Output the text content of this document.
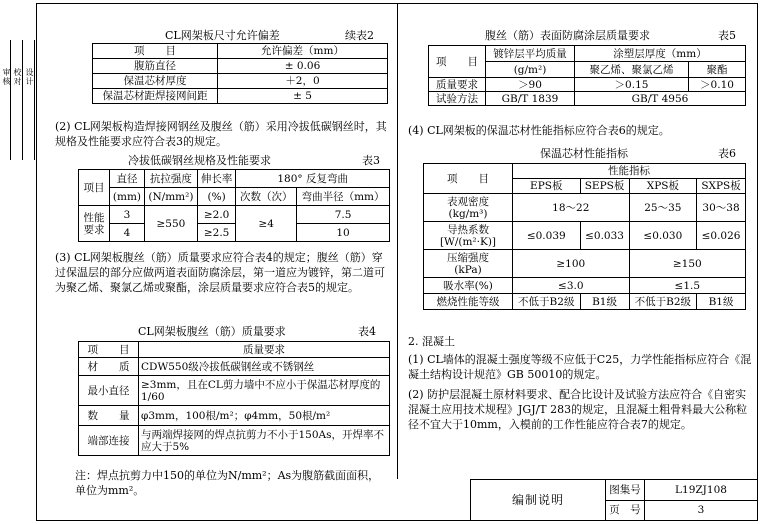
审核 校对 设计
CL网架板尺寸允许偏差	续表2
项　　目	允许偏差（mm）
腹筋直径	± 0.06
保温芯材厚度	＋2，0
保温芯材距焊接网间距	± 5
(2) CL网架板构造焊接网钢丝及腹丝（筋）采用冷拔低碳钢丝时，其规格及性能要求应符合表3的规定。
冷拔低碳钢丝规格及性能要求	表3
项目	直径	抗拉强度	伸长率	180° 反复弯曲	
	(mm)	(N/mm²)	(%)	次数（次）	弯曲半径（mm）
性能要求	3	≥550	≥2.0	≥4	7.5
	4		≥2.5		10
(3) CL网架板腹丝（筋）质量要求应符合表4的规定；腹丝（筋）穿过保温层的部分应做两道表面防腐涂层，第一道应为镀锌，第二道可为聚乙烯、聚氯乙烯或聚酯，涂层质量要求应符合表5的规定。
CL网架板腹丝（筋）质量要求	表4
项　　目	质量要求
材　　质	CDW550级冷拔低碳钢丝或不锈钢丝
最小直径	≥3mm，且在CL剪力墙中不应小于保温芯材厚度的1/60
数　　量	φ3mm，100根/m²；φ4mm，50根/m²
端部连接	与两端焊接网的焊点抗剪力不小于150As，开焊率不应大于5%
注：焊点抗剪力中150的单位为N/mm²；As为腹筋截面面积，单位为mm²。
腹丝（筋）表面防腐涂层质量要求	表5
项　　目	镀锌层平均质量	涂塑层厚度（mm）	
	(g/m²)	聚乙烯、聚氯乙烯	聚酯
质量要求	＞90	＞0.15	＞0.10
试验方法	GB/T 1839	GB/T 4956	
(4) CL网架板的保温芯材性能指标应符合表6的规定。
保温芯材性能指标	表6
项　　目	性能指标			
	EPS板	SEPS板	XPS板	SXPS板
表观密度
(kg/m³)	18～22		25～35	30～38
导热系数
[W/(m²·K)]	≤0.039	≤0.033	≤0.030	≤0.026
压缩强度
(kPa)	≥100		≥150	
吸水率(%)	≤3.0		≤1.5	
燃烧性能等级	不低于B2级	B1级	不低于B2级	B1级
2. 混凝土
(1) CL墙体的混凝土强度等级不应低于C25，力学性能指标应符合《混凝土结构设计规范》GB 50010的规定。
(2) 防护层混凝土原材料要求、配合比设计及试验方法应符合《自密实混凝土应用技术规程》JGJ/T 283的规定，且混凝土粗骨料最大公称粒径不宜大于10mm，入模前的工作性能应符合表7的规定。
编制说明	图集号	L19ZJ108
	页　号	3
